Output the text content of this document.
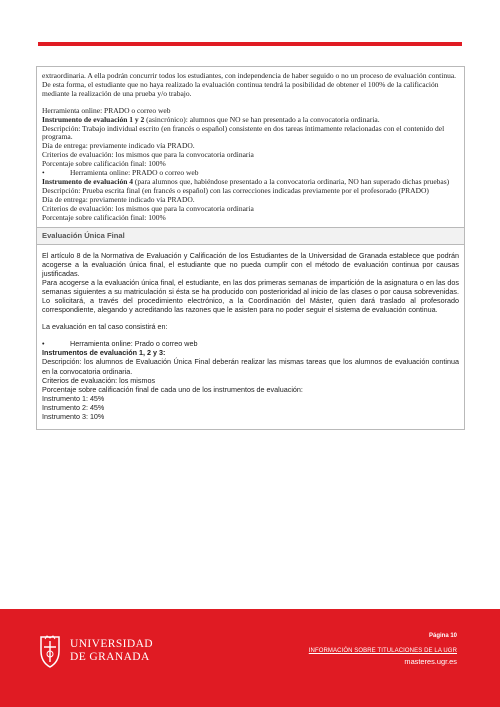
extraordinaria. A ella podrán concurrir todos los estudiantes, con independencia de haber seguido o no un proceso de evaluación continua. De esta forma, el estudiante que no haya realizado la evaluación continua tendrá la posibilidad de obtener el 100% de la calificación mediante la realización de una prueba y/o trabajo.

Herramienta online: PRADO o correo web

Instrumento de evaluación 1 y 2 (asincrónico): alumnos que NO se han presentado a la convocatoria ordinaria.

Descripción: Trabajo individual escrito (en francés o español) consistente en dos tareas íntimamente relacionadas con el contenido del programa.

Día de entrega: previamente indicado vía PRADO.

Criterios de evaluación: los mismos que para la convocatoria ordinaria

Porcentaje sobre calificación final: 100%

•	Herramienta online: PRADO o correo web

Instrumento de evaluación 4 (para alumnos que, habiéndose presentado a la convocatoria ordinaria, NO han superado dichas pruebas)

Descripción: Prueba escrita final (en francés o español) con las correcciones indicadas previamente por el profesorado (PRADO)

Día de entrega: previamente indicado vía PRADO.

Criterios de evaluación: los mismos que para la convocatoria ordinaria

Porcentaje sobre calificación final: 100%

Evaluación Única Final

El artículo 8 de la Normativa de Evaluación y Calificación de los Estudiantes de la Universidad de Granada establece que podrán acogerse a la evaluación única final, el estudiante que no pueda cumplir con el método de evaluación continua por causas justificadas.

Para acogerse a la evaluación única final, el estudiante, en las dos primeras semanas de impartición de la asignatura o en las dos semanas siguientes a su matriculación si ésta se ha producido con posterioridad al inicio de las clases o por causa sobrevenidas. Lo solicitará, a través del procedimiento electrónico, a la Coordinación del Máster, quien dará traslado al profesorado correspondiente, alegando y acreditando las razones que le asisten para no poder seguir el sistema de evaluación continua.

La evaluación en tal caso consistirá en:

•	Herramienta online: Prado o correo web

Instrumentos de evaluación 1, 2 y 3:

Descripción: los alumnos de Evaluación Única Final deberán realizar las mismas tareas que los alumnos de evaluación continua en la convocatoria ordinaria.

Criterios de evaluación: los mismos

Porcentaje sobre calificación final de cada uno de los instrumentos de evaluación:

Instrumento 1: 45%

Instrumento 2: 45%

Instrumento 3: 10%

UNIVERSIDAD
DE GRANADA
Página 10
INFORMACIÓN SOBRE TITULACIONES DE LA UGR
masteres.ugr.es
